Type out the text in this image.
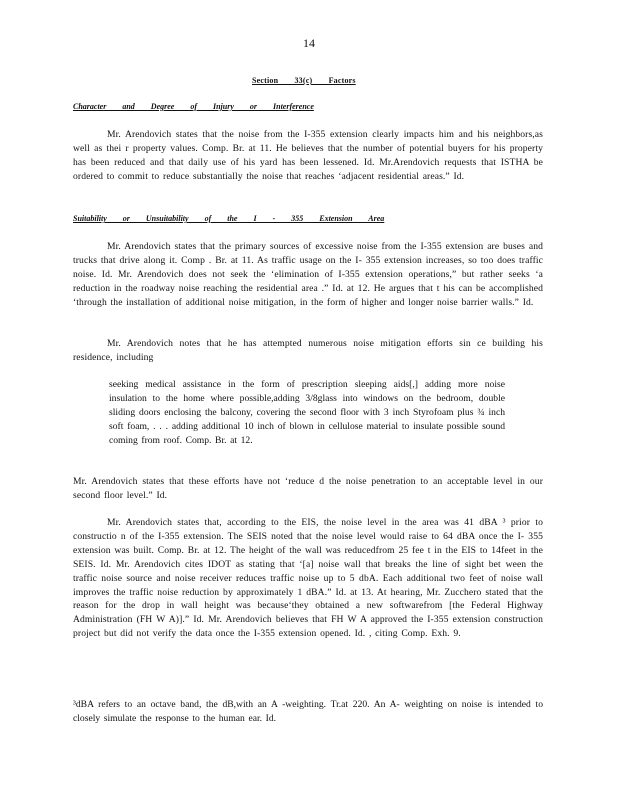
14
Section 33(c) Factors
Character and Degree of Injury or Interference
Mr. Arendovich states that the noise from the I-355 extension clearly impacts him and his neighbors,as well as thei r property values. Comp. Br. at 11. He believes that the number of potential buyers for his property has been reduced and that daily use of his yard has been lessened. Id. Mr.Arendovich requests that ISTHA be ordered to commit to reduce substantially the noise that reaches ‘adjacent residential areas.” Id.
Suitability or Unsuitability of the I - 355 Extension Area
Mr. Arendovich states that the primary sources of excessive noise from the I-355 extension are buses and trucks that drive along it. Comp . Br. at 11. As traffic usage on the I- 355 extension increases, so too does traffic noise. Id. Mr. Arendovich does not seek the ‘elimination of I-355 extension operations,” but rather seeks ‘a reduction in the roadway noise reaching the residential area .” Id. at 12. He argues that t his can be accomplished ‘through the installation of additional noise mitigation, in the form of higher and longer noise barrier walls.” Id.
Mr. Arendovich notes that he has attempted numerous noise mitigation efforts sin ce building his residence, including
seeking medical assistance in the form of prescription sleeping aids[,] adding more noise insulation to the home where possible,adding 3/8glass into windows on the bedroom, double sliding doors enclosing the balcony, covering the second floor with 3 inch Styrofoam plus ¾ inch soft foam, . . . adding additional 10 inch of blown in cellulose material to insulate possible sound coming from roof. Comp. Br. at 12.
Mr. Arendovich states that these efforts have not ‘reduce d the noise penetration to an acceptable level in our second floor level.” Id.
Mr. Arendovich states that, according to the EIS, the noise level in the area was 41 dBA ³ prior to constructio n of the I-355 extension. The SEIS noted that the noise level would raise to 64 dBA once the I- 355 extension was built. Comp. Br. at 12. The height of the wall was reducedfrom 25 fee t in the EIS to 14feet in the SEIS. Id. Mr. Arendovich cites IDOT as stating that ‘[a] noise wall that breaks the line of sight bet ween the traffic noise source and noise receiver reduces traffic noise up to 5 dbA. Each additional two feet of noise wall improves the traffic noise reduction by approximately 1 dBA.” Id. at 13. At hearing, Mr. Zucchero stated that the reason for the drop in wall height was because‘they obtained a new softwarefrom [the Federal Highway Administration (FH W A)].” Id. Mr. Arendovich believes that FH W A approved the I-355 extension construction project but did not verify the data once the I-355 extension opened. Id. , citing Comp. Exh. 9.
³dBA refers to an octave band, the dB,with an A -weighting. Tr.at 220. An A- weighting on noise is intended to closely simulate the response to the human ear. Id.
